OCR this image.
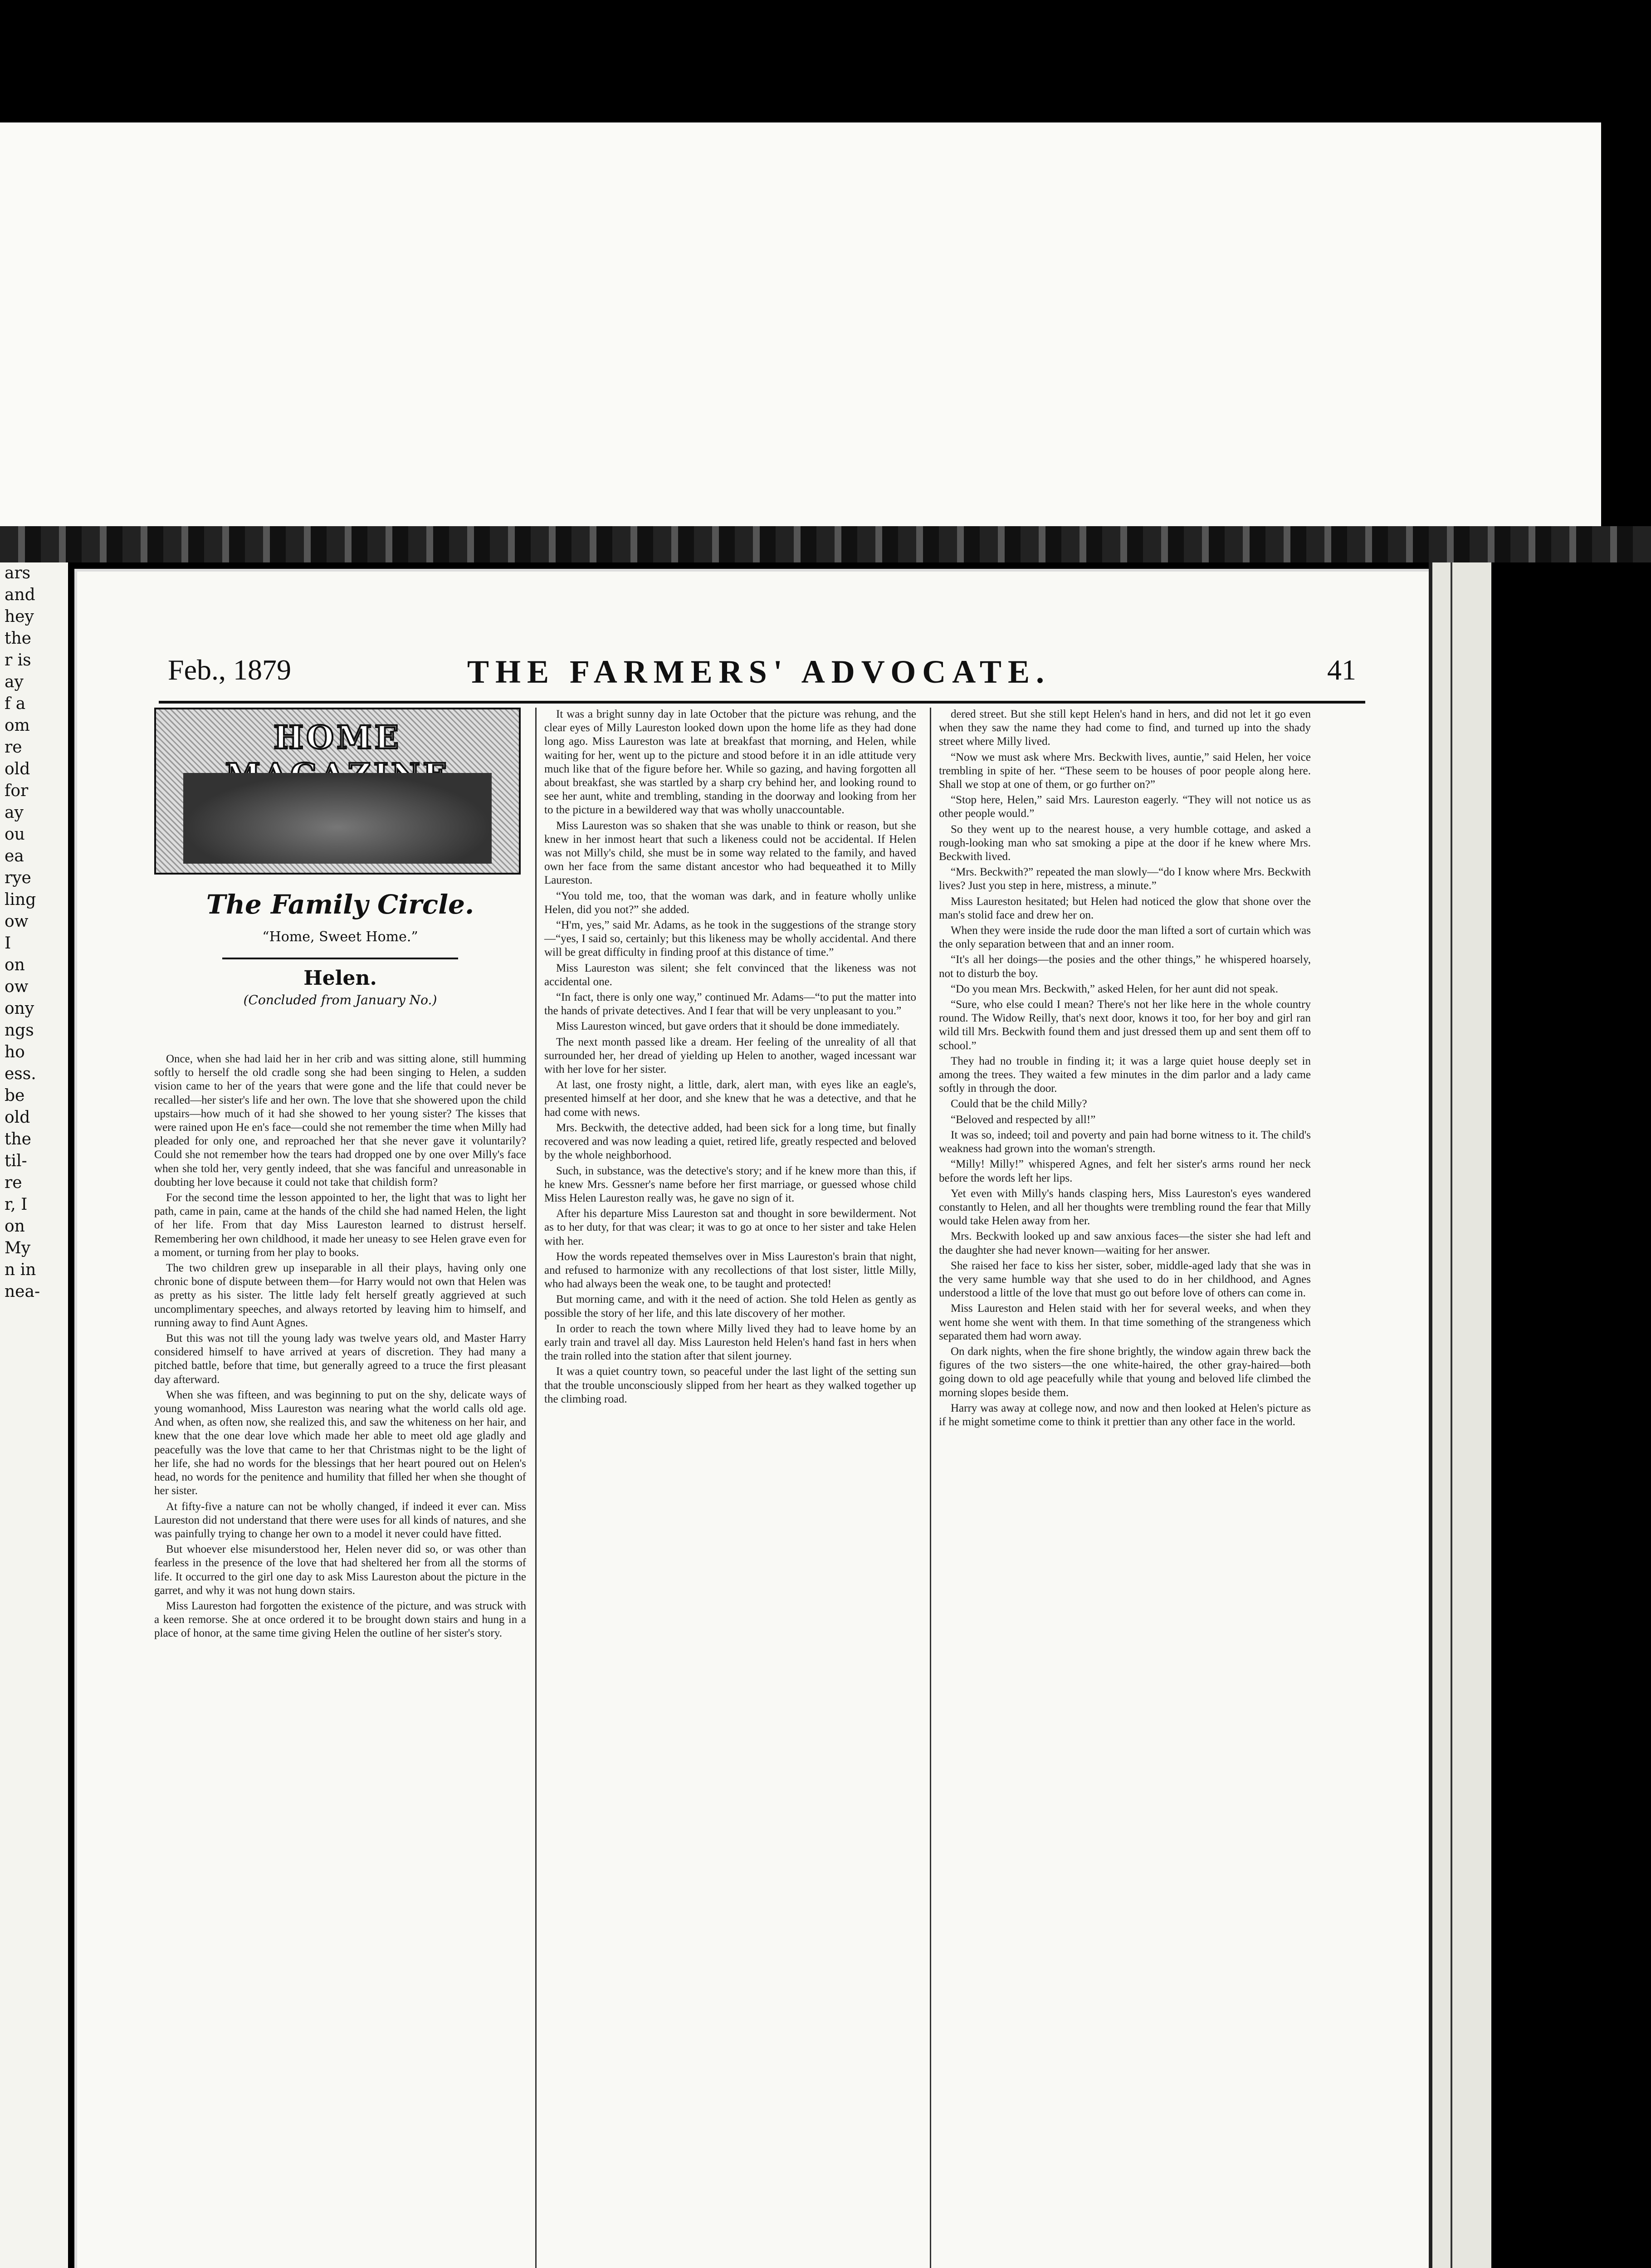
ars
and
hey
the
r is
ay
f a
om
re
old
for
ay
ou
ea
rye
ling
ow
I
on
ow
ony
ngs
ho
ess.
be
old
the
til-
re
r, I
on
My
n in
nea-
Feb., 1879	THE FARMERS' ADVOCATE.	41
HOME
The Family Circle.
“Home, Sweet Home.”
Helen.
(Concluded from January No.)

Once, when she had laid her in her crib and was sitting alone, still humming softly to herself the old cradle song she had been singing to Helen, a sudden vision came to her of the years that were gone and the life that could never be recalled—her sister's life and her own. The love that she showered upon the child upstairs—how much of it had she showed to her young sister? The kisses that were rained upon He en's face—could she not remember the time when Milly had pleaded for only one, and reproached her that she never gave it voluntarily? Could she not remember how the tears had dropped one by one over Milly's face when she told her, very gently indeed, that she was fanciful and unreasonable in doubting her love because it could not take that childish form?

For the second time the lesson appointed to her, the light that was to light her path, came in pain, came at the hands of the child she had named Helen, the light of her life. From that day Miss Laureston learned to distrust herself. Remembering her own childhood, it made her uneasy to see Helen grave even for a moment, or turning from her play to books.

The two children grew up inseparable in all their plays, having only one chronic bone of dispute between them—for Harry would not own that Helen was as pretty as his sister. The little lady felt herself greatly aggrieved at such uncomplimentary speeches, and always retorted by leaving him to himself, and running away to find Aunt Agnes.

But this was not till the young lady was twelve years old, and Master Harry considered himself to have arrived at years of discretion. They had many a pitched battle, before that time, but generally agreed to a truce the first pleasant day afterward.

When she was fifteen, and was beginning to put on the shy, delicate ways of young womanhood, Miss Laureston was nearing what the world calls old age. And when, as often now, she realized this, and saw the whiteness on her hair, and knew that the one dear love which made her able to meet old age gladly and peacefully was the love that came to her that Christmas night to be the light of her life, she had no words for the blessings that her heart poured out on Helen's head, no words for the penitence and humility that filled her when she thought of her sister.

At fifty-five a nature can not be wholly changed, if indeed it ever can. Miss Laureston did not understand that there were uses for all kinds of natures, and she was painfully trying to change her own to a model it never could have fitted.

But whoever else misunderstood her, Helen never did so, or was other than fearless in the presence of the love that had sheltered her from all the storms of life. It occurred to the girl one day to ask Miss Laureston about the picture in the garret, and why it was not hung down stairs.

Miss Laureston had forgotten the existence of the picture, and was struck with a keen remorse. She at once ordered it to be brought down stairs and hung in a place of honor, at the same time giving Helen the outline of her sister's story.

It was a bright sunny day in late October that the picture was rehung, and the clear eyes of Milly Laureston looked down upon the home life as they had done long ago. Miss Laureston was late at breakfast that morning, and Helen, while waiting for her, went up to the picture and stood before it in an idle attitude very much like that of the figure before her. While so gazing, and having forgotten all about breakfast, she was startled by a sharp cry behind her, and looking round to see her aunt, white and trembling, standing in the doorway and looking from her to the picture in a bewildered way that was wholly unaccountable.

Miss Laureston was so shaken that she was unable to think or reason, but she knew in her inmost heart that such a likeness could not be accidental. If Helen was not Milly's child, she must be in some way related to the family, and haved own her face from the same distant ancestor who had bequeathed it to Milly Laureston.

“You told me, too, that the woman was dark, and in feature wholly unlike Helen, did you not?” she added.

“H'm, yes,” said Mr. Adams, as he took in the suggestions of the strange story—“yes, I said so, certainly; but this likeness may be wholly accidental. And there will be great difficulty in finding proof at this distance of time.”

Miss Laureston was silent; she felt convinced that the likeness was not accidental one.

“In fact, there is only one way,” continued Mr. Adams—“to put the matter into the hands of private detectives. And I fear that will be very unpleasant to you.”

Miss Laureston winced, but gave orders that it should be done immediately.

The next month passed like a dream. Her feeling of the unreality of all that surrounded her, her dread of yielding up Helen to another, waged incessant war with her love for her sister.

At last, one frosty night, a little, dark, alert man, with eyes like an eagle's, presented himself at her door, and she knew that he was a detective, and that he had come with news.

Mrs. Beckwith, the detective added, had been sick for a long time, but finally recovered and was now leading a quiet, retired life, greatly respected and beloved by the whole neighborhood.

Such, in substance, was the detective's story; and if he knew more than this, if he knew Mrs. Gessner's name before her first marriage, or guessed whose child Miss Helen Laureston really was, he gave no sign of it.

After his departure Miss Laureston sat and thought in sore bewilderment. Not as to her duty, for that was clear; it was to go at once to her sister and take Helen with her.

How the words repeated themselves over in Miss Laureston's brain that night, and refused to harmonize with any recollections of that lost sister, little Milly, who had always been the weak one, to be taught and protected!

But morning came, and with it the need of action. She told Helen as gently as possible the story of her life, and this late discovery of her mother.

In order to reach the town where Milly lived they had to leave home by an early train and travel all day. Miss Laureston held Helen's hand fast in hers when the train rolled into the station after that silent journey.

It was a quiet country town, so peaceful under the last light of the setting sun that the trouble unconsciously slipped from her heart as they walked together up the climbing road.

dered street. But she still kept Helen's hand in hers, and did not let it go even when they saw the name they had come to find, and turned up into the shady street where Milly lived.

“Now we must ask where Mrs. Beckwith lives, auntie,” said Helen, her voice trembling in spite of her. “These seem to be houses of poor people along here. Shall we stop at one of them, or go further on?”

“Stop here, Helen,” said Mrs. Laureston eagerly. “They will not notice us as other people would.”

So they went up to the nearest house, a very humble cottage, and asked a rough-looking man who sat smoking a pipe at the door if he knew where Mrs. Beckwith lived.

“Mrs. Beckwith?” repeated the man slowly—“do I know where Mrs. Beckwith lives? Just you step in here, mistress, a minute.”

Miss Laureston hesitated; but Helen had noticed the glow that shone over the man's stolid face and drew her on.

When they were inside the rude door the man lifted a sort of curtain which was the only separation between that and an inner room.

“It's all her doings—the posies and the other things,” he whispered hoarsely, not to disturb the boy.

“Do you mean Mrs. Beckwith,” asked Helen, for her aunt did not speak.

“Sure, who else could I mean? There's not her like here in the whole country round. The Widow Reilly, that's next door, knows it too, for her boy and girl ran wild till Mrs. Beckwith found them and just dressed them up and sent them off to school.”

They had no trouble in finding it; it was a large quiet house deeply set in among the trees. They waited a few minutes in the dim parlor and a lady came softly in through the door.

Could that be the child Milly?

“Beloved and respected by all!”

It was so, indeed; toil and poverty and pain had borne witness to it. The child's weakness had grown into the woman's strength.

“Milly! Milly!” whispered Agnes, and felt her sister's arms round her neck before the words left her lips.

Yet even with Milly's hands clasping hers, Miss Laureston's eyes wandered constantly to Helen, and all her thoughts were trembling round the fear that Milly would take Helen away from her.

Mrs. Beckwith looked up and saw anxious faces—the sister she had left and the daughter she had never known—waiting for her answer.

She raised her face to kiss her sister, sober, middle-aged lady that she was in the very same humble way that she used to do in her childhood, and Agnes understood a little of the love that must go out before love of others can come in.

Miss Laureston and Helen staid with her for several weeks, and when they went home she went with them. In that time something of the strangeness which separated them had worn away.

On dark nights, when the fire shone brightly, the window again threw back the figures of the two sisters—the one white-haired, the other gray-haired—both going down to old age peacefully while that young and beloved life climbed the morning slopes beside them.

Harry was away at college now, and now and then looked at Helen's picture as if he might sometime come to think it prettier than any other face in the world.
